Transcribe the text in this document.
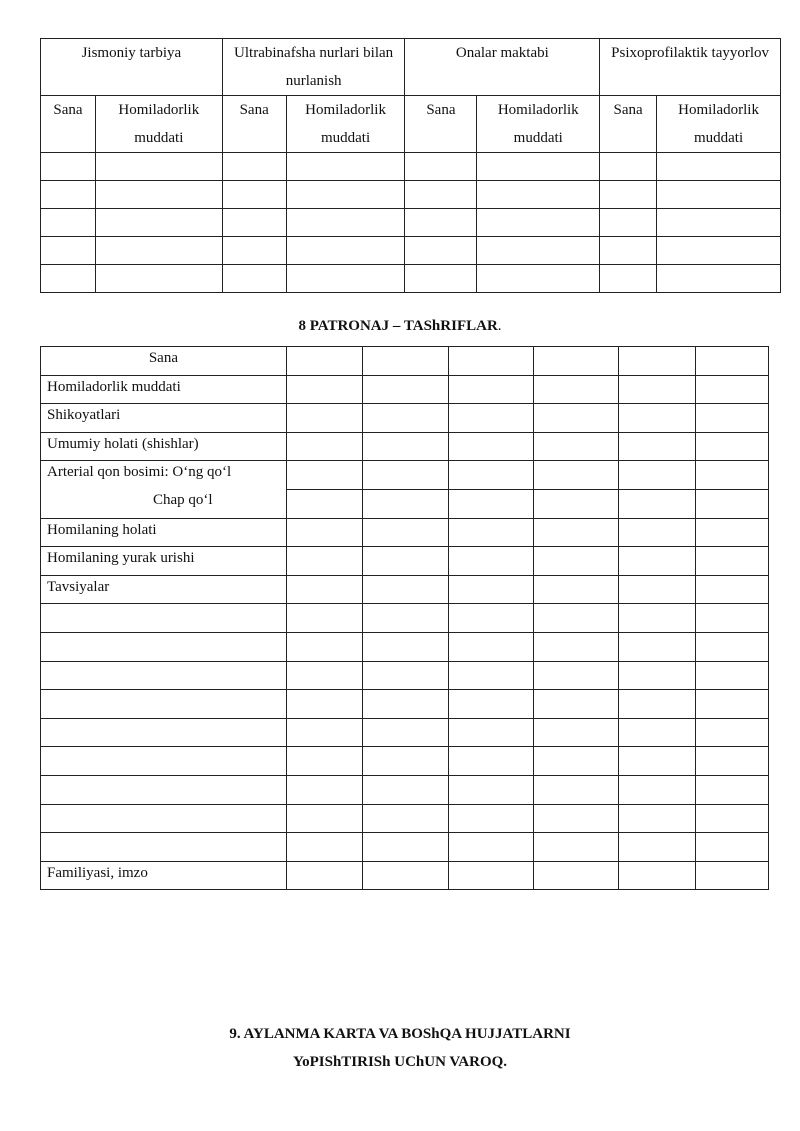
Jismoniy tarbiya		Ultrabinafsha nurlari bilan nurlanish		Onalar maktabi		Psixoprofilaktik tayyorlov	
Sana	Homiladorlik muddati	Sana	Homiladorlik muddati	Sana	Homiladorlik muddati	Sana	Homiladorlik muddati

8 PATRONAJ – TAShRIFLAR.
Sana						
Homiladorlik muddati						
Shikoyatlari						
Umumiy holati (shishlar)						

Arterial qon bosimi: O‘ng qo‘l
Chap qo‘l						

Homilaning holati						
Homilaning yurak urishi						
Tavsiyalar						

Familiyasi, imzo						
9. AYLANMA KARTA VA BOShQA HUJJATLARNI
YoPIShTIRISh UChUN VAROQ.
